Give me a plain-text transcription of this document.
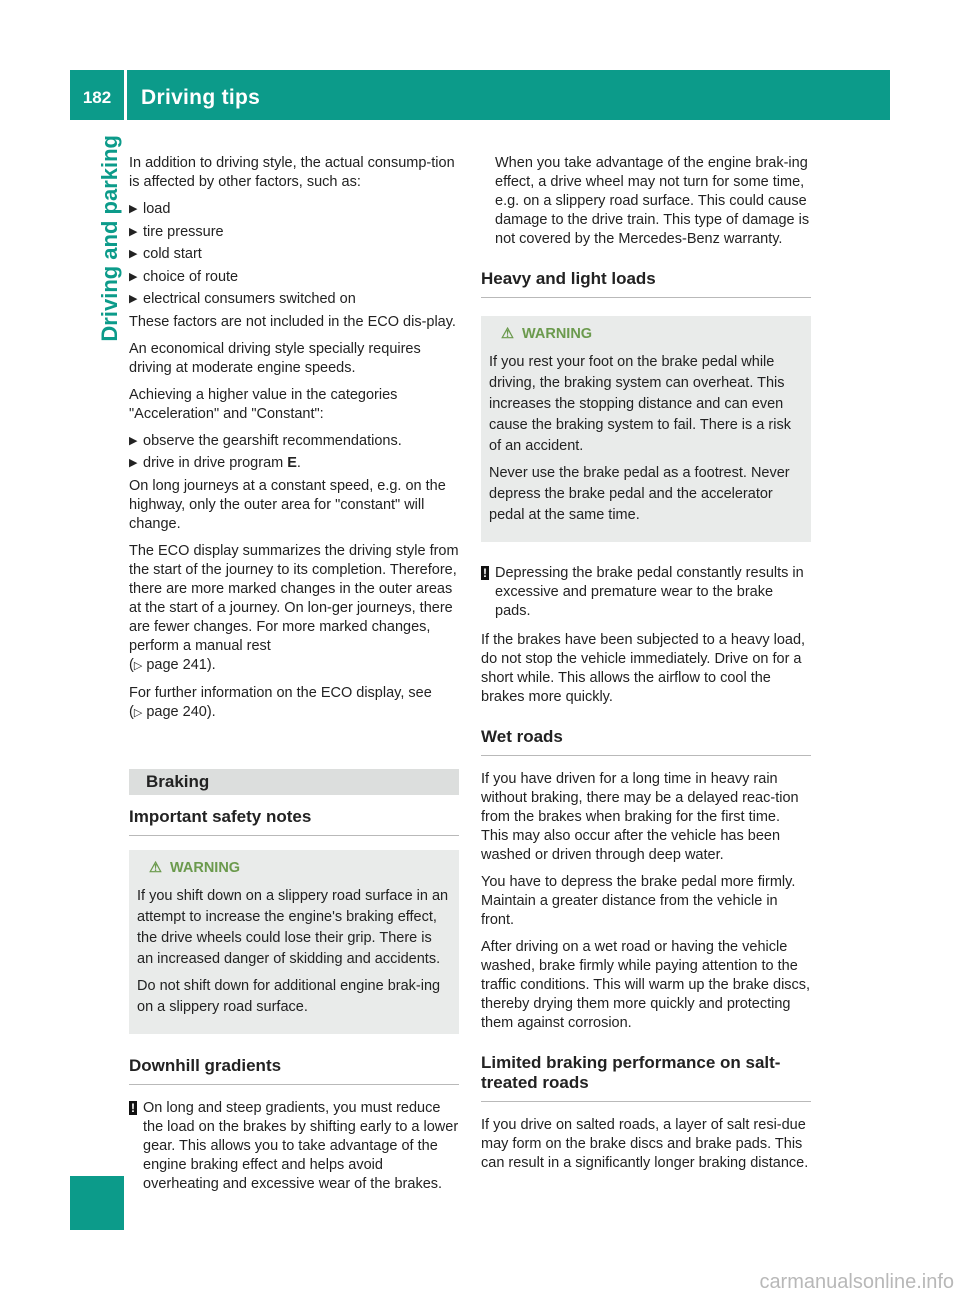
182	Driving tips
Driving and parking In addition to driving style, the actual consump-tion is affected by other factors, such as:

▶ load
▶ tire pressure
▶ cold start
▶ choice of route
▶ electrical consumers switched on

These factors are not included in the ECO dis-play.

An economical driving style specially requires driving at moderate engine speeds.

Achieving a higher value in the categories "Acceleration" and "Constant":

▶ observe the gearshift recommendations.
▶ drive in drive program E.

On long journeys at a constant speed, e.g. on the highway, only the outer area for "constant" will change.

The ECO display summarizes the driving style from the start of the journey to its completion. Therefore, there are more marked changes in the outer areas at the start of a journey. On lon-ger journeys, there are fewer changes. For more marked changes, perform a manual rest
(▷ page 241).

For further information on the ECO display, see
(▷ page 240).

Braking
Important safety notes
⚠ WARNING

If you shift down on a slippery road surface in an attempt to increase the engine's braking effect, the drive wheels could lose their grip. There is an increased danger of skidding and accidents.

Do not shift down for additional engine brak-ing on a slippery road surface.

Downhill gradients
! On long and steep gradients, you must reduce the load on the brakes by shifting early to a lower gear. This allows you to take advantage of the engine braking effect and helps avoid overheating and excessive wear of the brakes.

When you take advantage of the engine brak-ing effect, a drive wheel may not turn for some time, e.g. on a slippery road surface. This could cause damage to the drive train. This type of damage is not covered by the Mercedes-Benz warranty.

Heavy and light loads
⚠ WARNING

If you rest your foot on the brake pedal while driving, the braking system can overheat. This increases the stopping distance and can even cause the braking system to fail. There is a risk of an accident.

Never use the brake pedal as a footrest. Never depress the brake pedal and the accelerator pedal at the same time.

! Depressing the brake pedal constantly results in excessive and premature wear to the brake pads.

If the brakes have been subjected to a heavy load, do not stop the vehicle immediately. Drive on for a short while. This allows the airflow to cool the brakes more quickly.

Wet roads

If you have driven for a long time in heavy rain without braking, there may be a delayed reac-tion from the brakes when braking for the first time. This may also occur after the vehicle has been washed or driven through deep water.

You have to depress the brake pedal more firmly. Maintain a greater distance from the vehicle in front.

After driving on a wet road or having the vehicle washed, brake firmly while paying attention to the traffic conditions. This will warm up the brake discs, thereby drying them more quickly and protecting them against corrosion.

Limited braking performance on salt-treated roads

If you drive on salted roads, a layer of salt resi-due may form on the brake discs and brake pads. This can result in a significantly longer braking distance.

carmanualsonline.info
